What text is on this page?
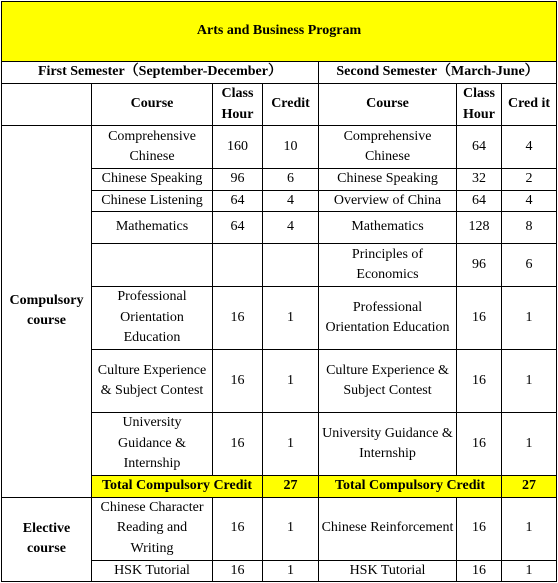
Arts and Business Program						
First Semester（September-December）				Second Semester（March-June）		
	Course	Class Hour	Credit	Course	Class Hour	Cred it
Compulsory course	Comprehensive Chinese	160	10	Comprehensive Chinese	64	4
	Chinese Speaking	96	6	Chinese Speaking	32	2
	Chinese Listening	64	4	Overview of China	64	4
	Mathematics	64	4	Mathematics	128	8
				Principles of Economics	96	6
	Professional Orientation Education	16	1	Professional Orientation Education	16	1
	Culture Experience & Subject Contest	16	1	Culture Experience & Subject Contest	16	1
	University Guidance & Internship	16	1	University Guidance & Internship	16	1
	Total Compulsory Credit		27	Total Compulsory Credit		27
Elective course	Chinese Character Reading and Writing	16	1	Chinese Reinforcement	16	1
	HSK Tutorial	16	1	HSK Tutorial	16	1
